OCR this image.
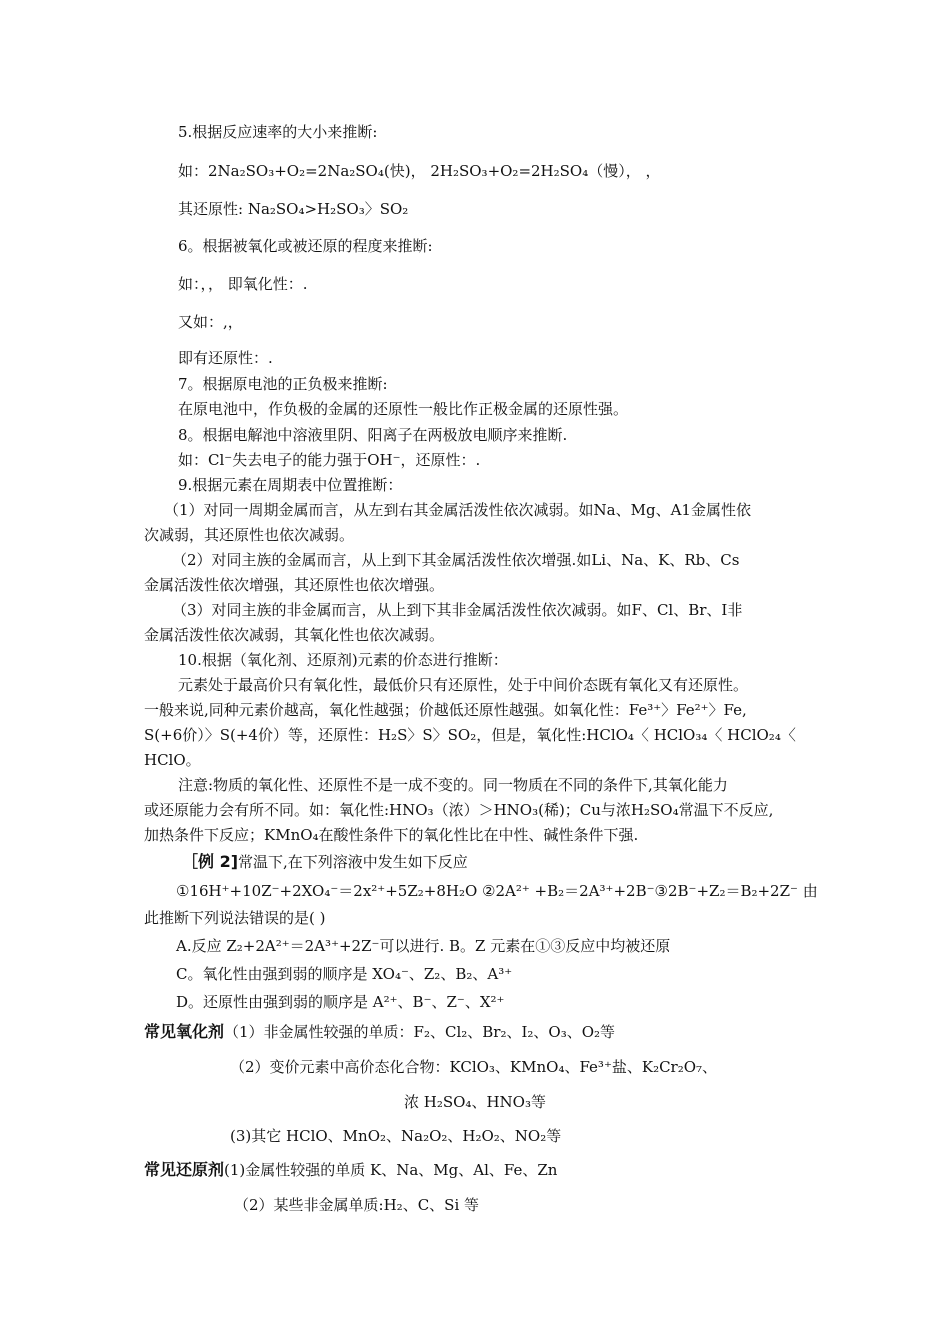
5.根据反应速率的大小来推断:
如：2Na₂SO₃+O₂=2Na₂SO₄(快)， 2H₂SO₃+O₂=2H₂SO₄（慢）， ，
其还原性: Na₂SO₄>H₂SO₃〉SO₂
6。根据被氧化或被还原的程度来推断:
如：，， 即氧化性：.
又如：,，
即有还原性：.
7。根据原电池的正负极来推断:
在原电池中，作负极的金属的还原性一般比作正极金属的还原性强。
8。根据电解池中溶液里阴、阳离子在两极放电顺序来推断.
如：Cl⁻失去电子的能力强于OH⁻，还原性：.
9.根据元素在周期表中位置推断：
（1）对同一周期金属而言，从左到右其金属活泼性依次减弱。如Na、Mg、A1金属性依
次减弱，其还原性也依次减弱。
（2）对同主族的金属而言，从上到下其金属活泼性依次增强.如Li、Na、K、Rb、Cs
金属活泼性依次增强，其还原性也依次增强。
（3）对同主族的非金属而言，从上到下其非金属活泼性依次减弱。如F、Cl、Br、I非
金属活泼性依次减弱，其氧化性也依次减弱。
10.根据（氧化剂、还原剂)元素的价态进行推断：
元素处于最高价只有氧化性，最低价只有还原性，处于中间价态既有氧化又有还原性。
一般来说,同种元素价越高，氧化性越强；价越低还原性越强。如氧化性：Fe³⁺〉Fe²⁺〉Fe,
S(+6价）〉S(+4价）等，还原性：H₂S〉S〉SO₂，但是，氧化性:HClO₄〈 HClO₃₄〈 HClO₂₄〈
HClO。
注意:物质的氧化性、还原性不是一成不变的。同一物质在不同的条件下,其氧化能力
或还原能力会有所不同。如：氧化性:HNO₃（浓）＞HNO₃(稀)；Cu与浓H₂SO₄常温下不反应,
加热条件下反应；KMnO₄在酸性条件下的氧化性比在中性、碱性条件下强.
［例 2]常温下,在下列溶液中发生如下反应
①16H⁺+10Z⁻+2XO₄⁻＝2x²⁺+5Z₂+8H₂O ②2A²⁺ +B₂＝2A³⁺+2B⁻③2B⁻+Z₂＝B₂+2Z⁻ 由
此推断下列说法错误的是( )
A.反应 Z₂+2A²⁺＝2A³⁺+2Z⁻可以进行. B。Z 元素在①③反应中均被还原
C。氧化性由强到弱的顺序是 XO₄⁻、Z₂、B₂、A³⁺
D。还原性由强到弱的顺序是 A²⁺、B⁻、Z⁻、X²⁺
常见氧化剂（1）非金属性较强的单质：F₂、Cl₂、Br₂、I₂、O₃、O₂等
（2）变价元素中高价态化合物：KClO₃、KMnO₄、Fe³⁺盐、K₂Cr₂O₇、
浓 H₂SO₄、HNO₃等
(3)其它 HClO、MnO₂、Na₂O₂、H₂O₂、NO₂等
常见还原剂(1)金属性较强的单质 K、Na、Mg、Al、Fe、Zn
（2）某些非金属单质:H₂、C、Si 等
